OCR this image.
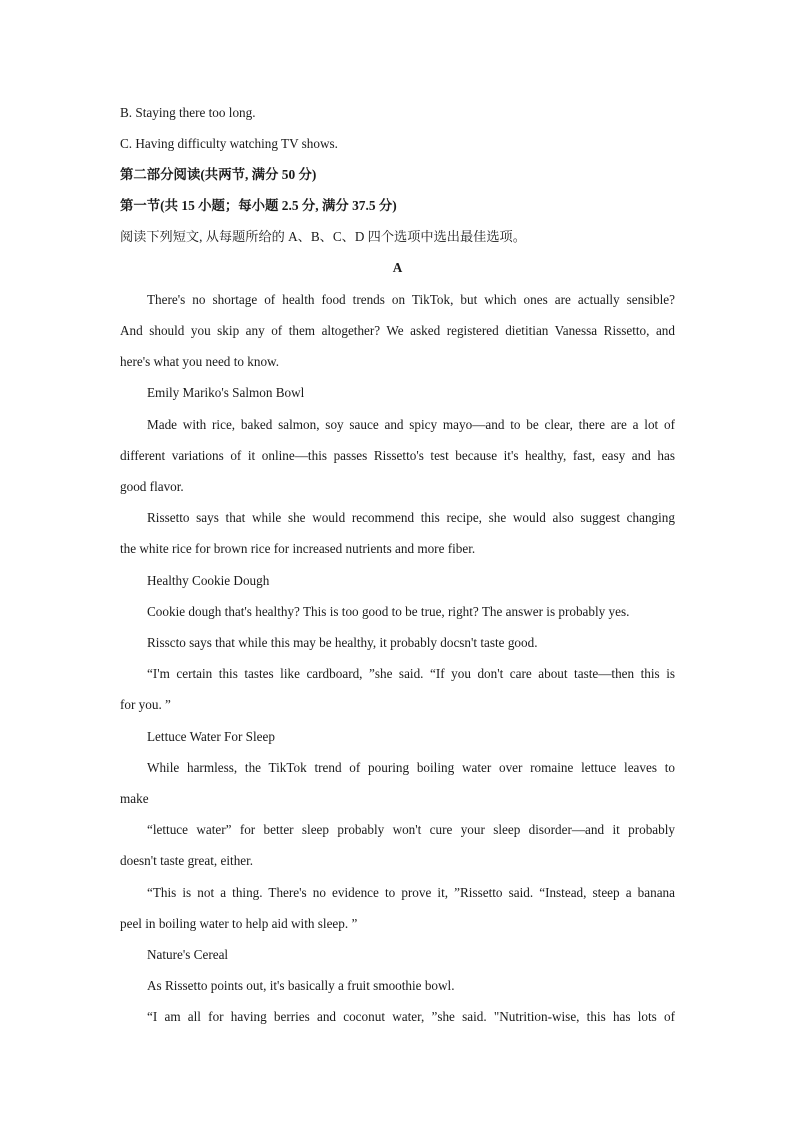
B. Staying there too long.
C. Having difficulty watching TV shows.
第二部分阅读(共两节, 满分 50 分)
第一节(共 15 小题；每小题 2.5 分, 满分 37.5 分)
阅读下列短文, 从每题所给的 A、B、C、D 四个选项中选出最佳选项。
A
There's no shortage of health food trends on TikTok, but which ones are actually sensible?
And should you skip any of them altogether? We asked registered dietitian Vanessa Rissetto, and
here's what you need to know.
Emily Mariko's Salmon Bowl
Made with rice, baked salmon, soy sauce and spicy mayo—and to be clear, there are a lot of
different variations of it online—this passes Rissetto's test because it's healthy, fast, easy and has
good flavor.
Rissetto says that while she would recommend this recipe, she would also suggest changing
the white rice for brown rice for increased nutrients and more fiber.
Healthy Cookie Dough
Cookie dough that's healthy? This is too good to be true, right? The answer is probably yes.
Risscto says that while this may be healthy, it probably docsn't taste good.
“I'm certain this tastes like cardboard, ”she said. “If you don't care about taste—then this is
for you. ”
Lettuce Water For Sleep
While harmless, the TikTok trend of pouring boiling water over romaine lettuce leaves to
make
“lettuce water” for better sleep probably won't cure your sleep disorder—and it probably
doesn't taste great, either.
“This is not a thing. There's no evidence to prove it, ”Rissetto said. “Instead, steep a banana
peel in boiling water to help aid with sleep. ”
Nature's Cereal
As Rissetto points out, it's basically a fruit smoothie bowl.
“I am all for having berries and coconut water, ”she said. "Nutrition-wise, this has lots of
